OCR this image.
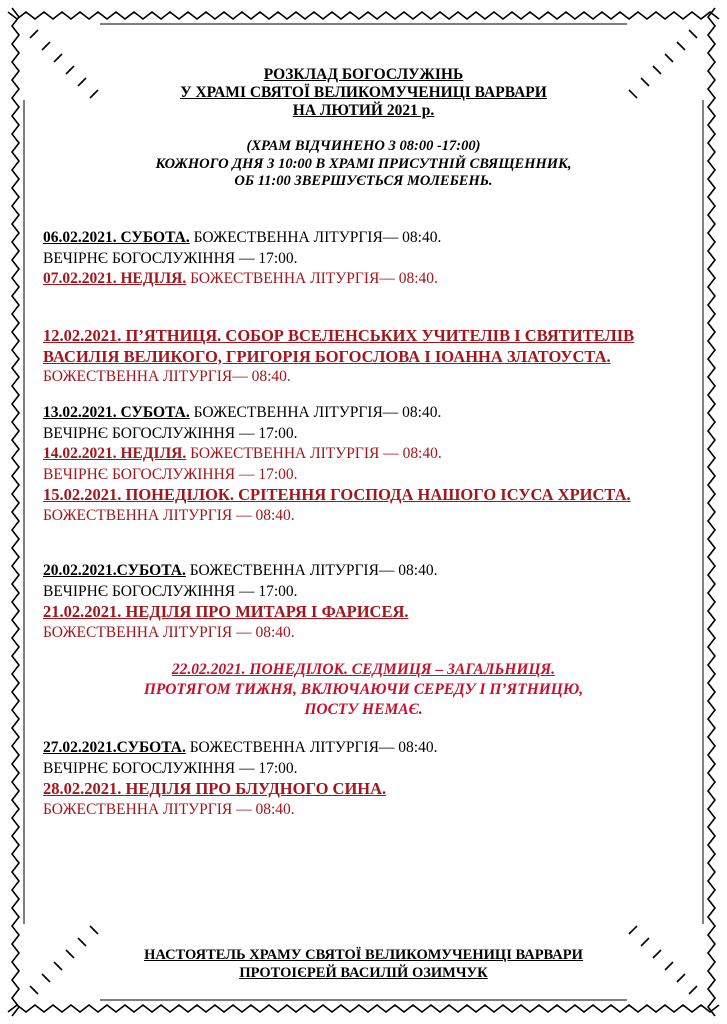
РОЗКЛАД БОГОСЛУЖІНЬ
У ХРАМІ СВЯТОЇ ВЕЛИКОМУЧЕНИЦІ ВАРВАРИ
НА ЛЮТИЙ 2021 р.
(ХРАМ ВІДЧИНЕНО З 08:00 -17:00)
КОЖНОГО ДНЯ З 10:00 В ХРАМІ ПРИСУТНІЙ СВЯЩЕННИК,
ОБ 11:00 ЗВЕРШУЄТЬСЯ МОЛЕБЕНЬ.
06.02.2021. СУБОТА. БОЖЕСТВЕННА ЛІТУРГІЯ— 08:40.
ВЕЧІРНЄ БОГОСЛУЖІННЯ — 17:00.
07.02.2021. НЕДІЛЯ. БОЖЕСТВЕННА ЛІТУРГІЯ— 08:40.
12.02.2021. П’ЯТНИЦЯ. СОБОР ВСЕЛЕНСЬКИХ УЧИТЕЛІВ І СВЯТИТЕЛІВ
ВАСИЛІЯ ВЕЛИКОГО, ГРИГОРІЯ БОГОСЛОВА І ІОАННА ЗЛАТОУСТА.
БОЖЕСТВЕННА ЛІТУРГІЯ— 08:40.
13.02.2021. СУБОТА. БОЖЕСТВЕННА ЛІТУРГІЯ— 08:40.
ВЕЧІРНЄ БОГОСЛУЖІННЯ — 17:00.
14.02.2021. НЕДІЛЯ. БОЖЕСТВЕННА ЛІТУРГІЯ — 08:40.
ВЕЧІРНЄ БОГОСЛУЖІННЯ — 17:00.
15.02.2021. ПОНЕДІЛОК. СРІТЕННЯ ГОСПОДА НАШОГО ІСУСА ХРИСТА.
БОЖЕСТВЕННА ЛІТУРГІЯ — 08:40.
20.02.2021.СУБОТА. БОЖЕСТВЕННА ЛІТУРГІЯ— 08:40.
ВЕЧІРНЄ БОГОСЛУЖІННЯ — 17:00.
21.02.2021. НЕДІЛЯ ПРО МИТАРЯ І ФАРИСЕЯ.
БОЖЕСТВЕННА ЛІТУРГІЯ — 08:40.
22.02.2021. ПОНЕДІЛОК. СЕДМИЦЯ – ЗАГАЛЬНИЦЯ.
ПРОТЯГОМ ТИЖНЯ, ВКЛЮЧАЮЧИ СЕРЕДУ І П’ЯТНИЦЮ,
ПОСТУ НЕМАЄ.
27.02.2021.СУБОТА. БОЖЕСТВЕННА ЛІТУРГІЯ— 08:40.
ВЕЧІРНЄ БОГОСЛУЖІННЯ — 17:00.
28.02.2021. НЕДІЛЯ ПРО БЛУДНОГО СИНА.
БОЖЕСТВЕННА ЛІТУРГІЯ — 08:40.
НАСТОЯТЕЛЬ ХРАМУ СВЯТОЇ ВЕЛИКОМУЧЕНИЦІ ВАРВАРИ
ПРОТОІЄРЕЙ ВАСИЛІЙ ОЗИМЧУК
